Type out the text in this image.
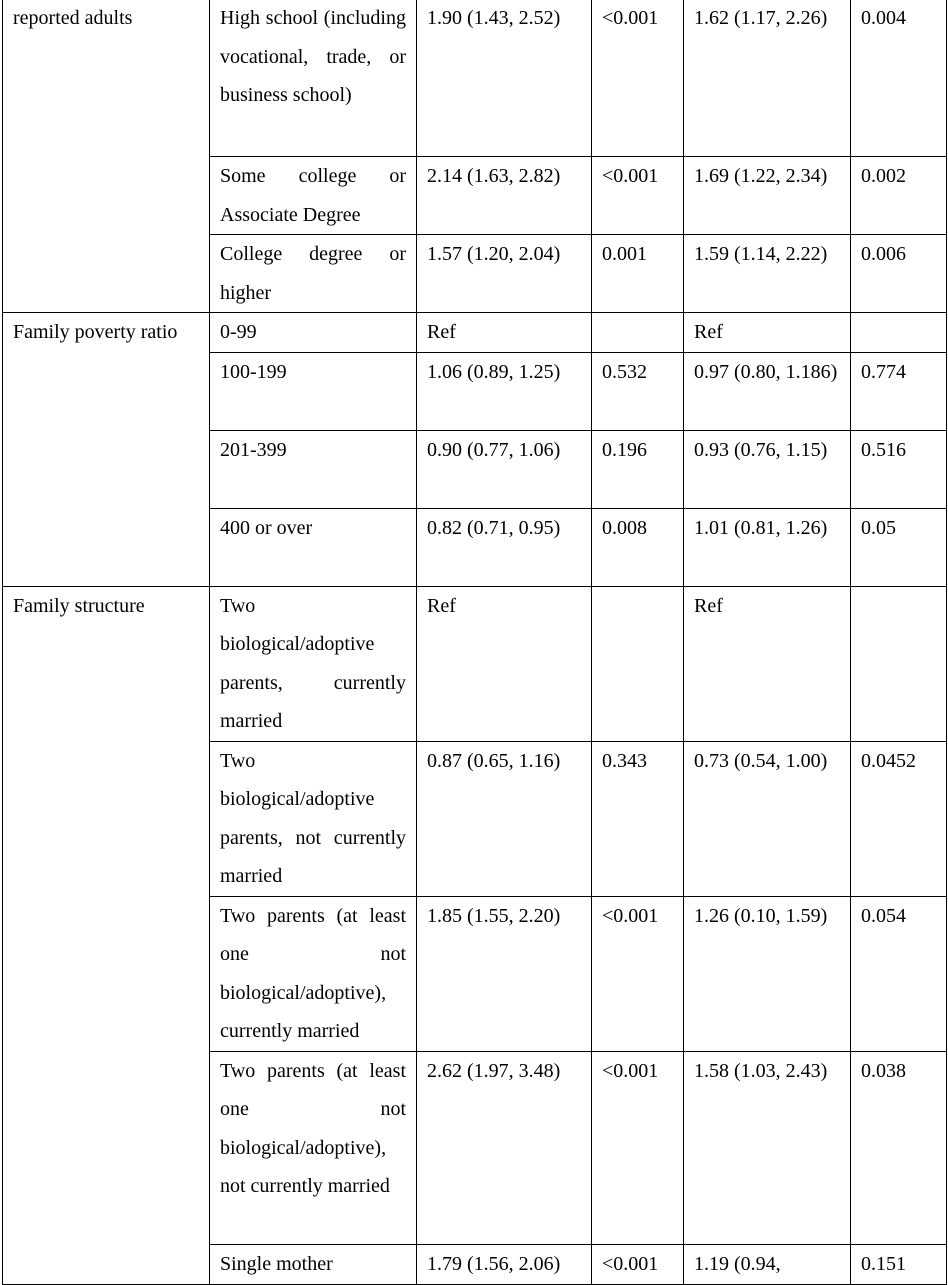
reported adults	High school (including vocational, trade, or business school)	1.90 (1.43, 2.52)	<0.001	1.62 (1.17, 2.26)	0.004
	Some college or Associate Degree	2.14 (1.63, 2.82)	<0.001	1.69 (1.22, 2.34)	0.002
	College degree or higher	1.57 (1.20, 2.04)	0.001	1.59 (1.14, 2.22)	0.006
Family poverty ratio	0-99	Ref		Ref	
	100-199	1.06 (0.89, 1.25)	0.532	0.97 (0.80, 1.186)	0.774
	201-399	0.90 (0.77, 1.06)	0.196	0.93 (0.76, 1.15)	0.516
	400 or over	0.82 (0.71, 0.95)	0.008	1.01 (0.81, 1.26)	0.05
Family structure	Two biological/adoptive parents, currently married	Ref		Ref	
	Two biological/adoptive parents, not currently married	0.87 (0.65, 1.16)	0.343	0.73 (0.54, 1.00)	0.0452
	Two parents (at least one not biological/adoptive), currently married	1.85 (1.55, 2.20)	<0.001	1.26 (0.10, 1.59)	0.054
	Two parents (at least one not biological/adoptive), not currently married	2.62 (1.97, 3.48)	<0.001	1.58 (1.03, 2.43)	0.038
	Single mother	1.79 (1.56, 2.06)	<0.001	1.19 (0.94,	0.151
